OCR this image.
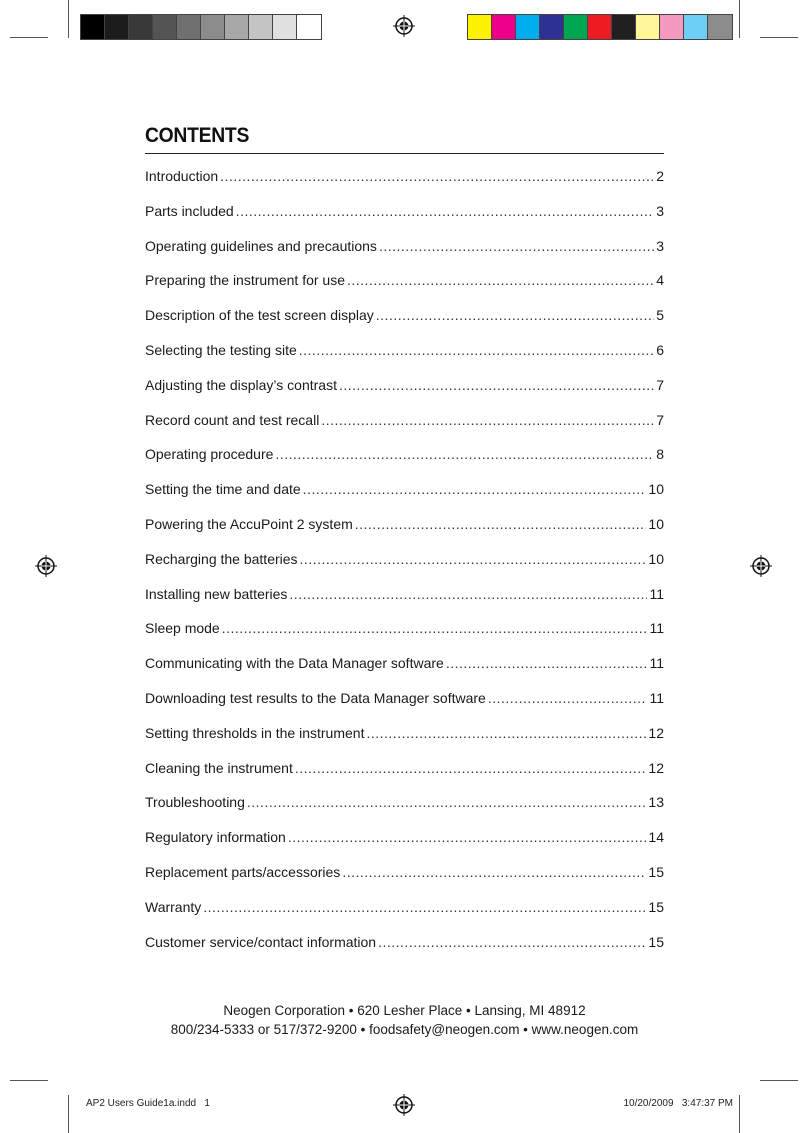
CONTENTS
Introduction .....	2
Parts included .....	3
Operating guidelines and precautions .....	3
Preparing the instrument for use .....	4
Description of the test screen display .....	5
Selecting the testing site .....	6
Adjusting the display’s contrast .....	7
Record count and test recall .....	7
Operating procedure .....	8
Setting the time and date .....	10
Powering the AccuPoint 2 system .....	10
Recharging the batteries .....	10
Installing new batteries .....	11
Sleep mode .....	11
Communicating with the Data Manager software .....	11
Downloading test results to the Data Manager software .....	11
Setting thresholds in the instrument .....	12
Cleaning the instrument .....	12
Troubleshooting .....	13
Regulatory information .....	14
Replacement parts/accessories .....	15
Warranty .....	15
Customer service/contact information .....	15
Neogen Corporation • 620 Lesher Place • Lansing, MI 48912
800/234-5333 or 517/372-9200 • foodsafety@neogen.com • www.neogen.com
AP2 Users Guide1a.indd   1	10/20/2009   3:47:37 PM
